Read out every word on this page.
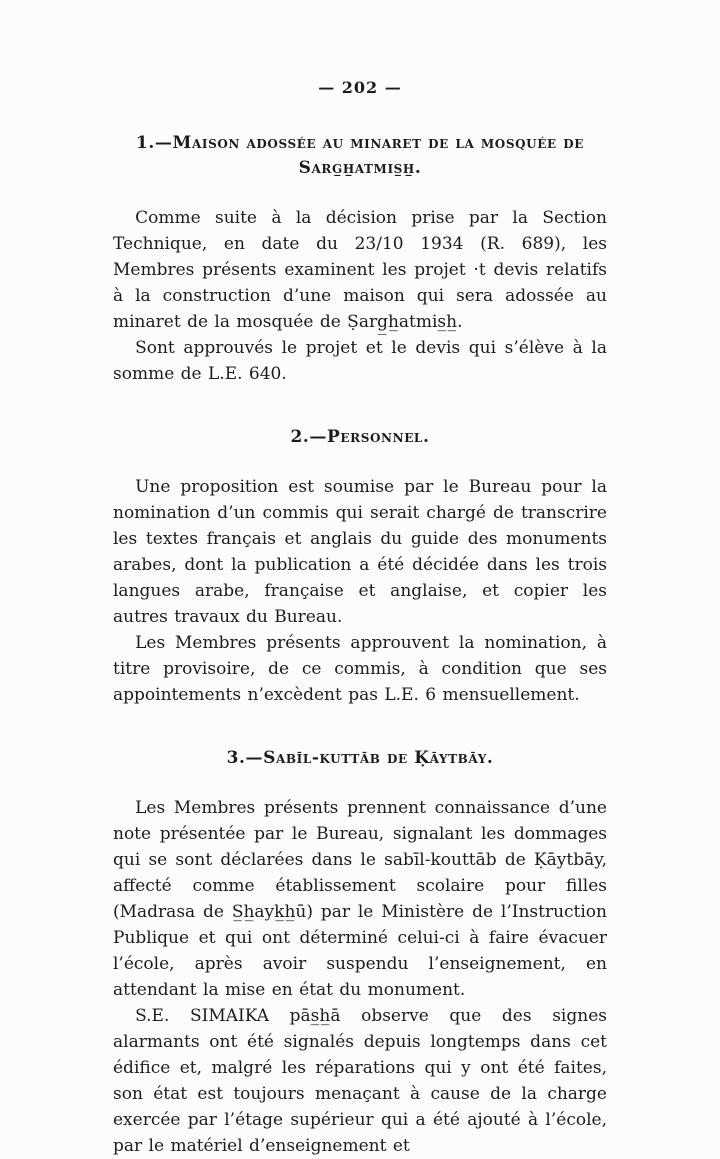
— 202 —
1.—Maison adossée au minaret de la mosquée de Sarg̲h̲atmis̲h̲.

Comme suite à la décision prise par la Section Technique, en date du 23/10 1934 (R. 689), les Membres présents examinent les projet ·t devis relatifs à la construction d’une maison qui sera adossée au minaret de la mosquée de Ṣarg̲h̲atmis̲h̲.

Sont approuvés le projet et le devis qui s’élève à la somme de L.E. 640.

2.—Personnel.

Une proposition est soumise par le Bureau pour la nomination d’un commis qui serait chargé de transcrire les textes français et anglais du guide des monuments arabes, dont la publication a été décidée dans les trois langues arabe, française et anglaise, et copier les autres travaux du Bureau.

Les Membres présents approuvent la nomination, à titre provisoire, de ce commis, à condition que ses appointements n’excèdent pas L.E. 6 mensuellement.

3.—Sabīl-kuttāb de Ḳāytbāy.

Les Membres présents prennent connaissance d’une note présentée par le Bureau, signalant les dommages qui se sont déclarées dans le sabīl-kouttāb de Ḳāytbāy, affecté comme établissement scolaire pour filles (Madrasa de S̲h̲ayk̲h̲ū) par le Ministère de l’Instruction Publique et qui ont déterminé celui-ci à faire évacuer l’école, après avoir suspendu l’enseignement, en attendant la mise en état du monument.

S.E. SIMAIKA pās̲h̲ā observe que des signes alarmants ont été signalés depuis longtemps dans cet édifice et, malgré les réparations qui y ont été faites, son état est toujours menaçant à cause de la charge exercée par l’étage supérieur qui a été ajouté à l’école, par le matériel d’enseignement et
